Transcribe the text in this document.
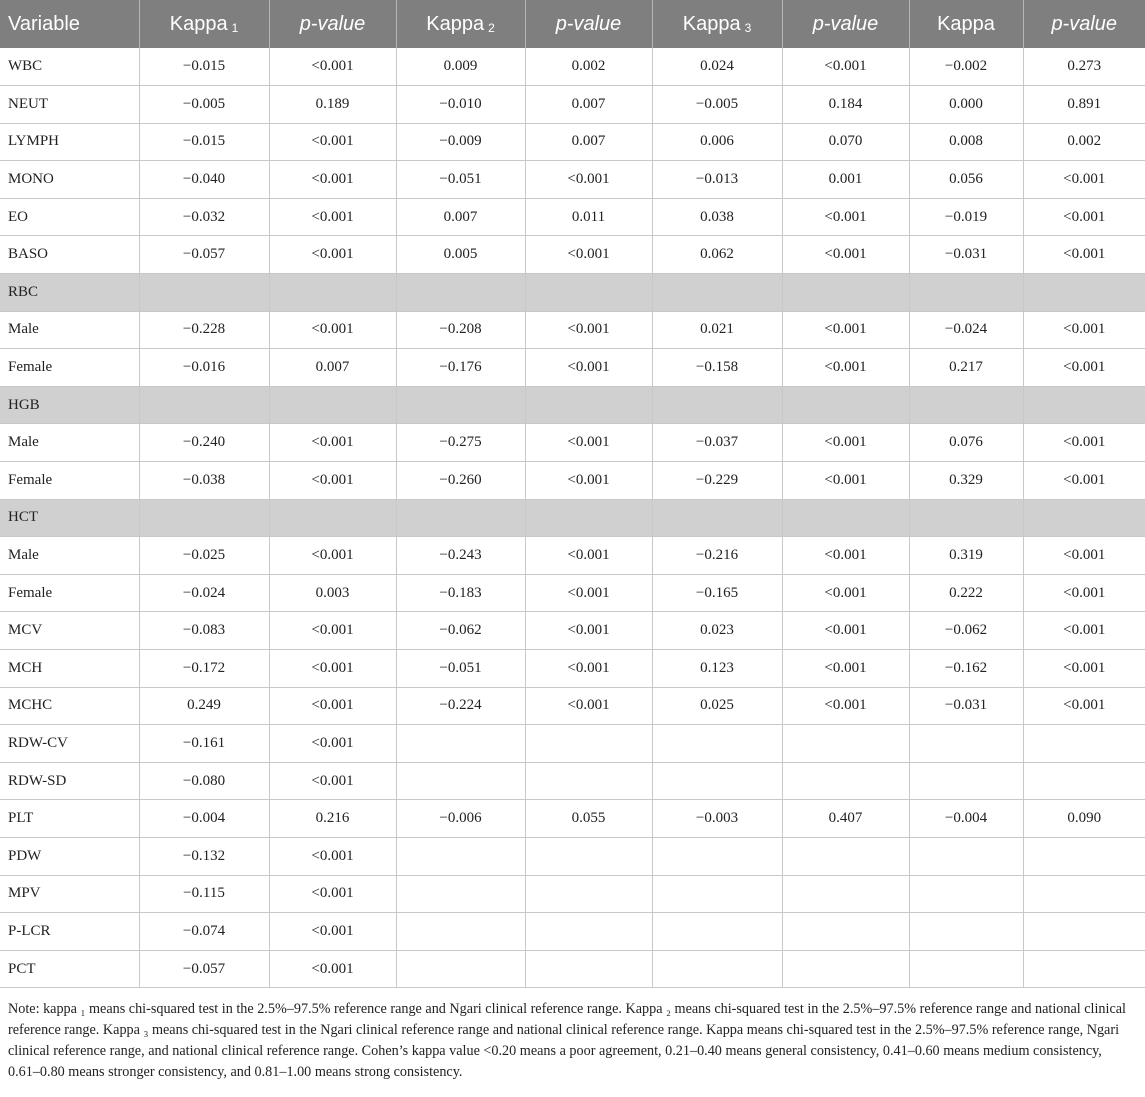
Variable	Kappa $_1$	p-value	Kappa $_2$	p-value	Kappa $_3$	p-value	Kappa	p-value
WBC	−0.015	<0.001	0.009	0.002	0.024	<0.001	−0.002	0.273
NEUT	−0.005	0.189	−0.010	0.007	−0.005	0.184	0.000	0.891
LYMPH	−0.015	<0.001	−0.009	0.007	0.006	0.070	0.008	0.002
MONO	−0.040	<0.001	−0.051	<0.001	−0.013	0.001	0.056	<0.001
EO	−0.032	<0.001	0.007	0.011	0.038	<0.001	−0.019	<0.001
BASO	−0.057	<0.001	0.005	<0.001	0.062	<0.001	−0.031	<0.001
RBC								
Male	−0.228	<0.001	−0.208	<0.001	0.021	<0.001	−0.024	<0.001
Female	−0.016	0.007	−0.176	<0.001	−0.158	<0.001	0.217	<0.001
HGB								
Male	−0.240	<0.001	−0.275	<0.001	−0.037	<0.001	0.076	<0.001
Female	−0.038	<0.001	−0.260	<0.001	−0.229	<0.001	0.329	<0.001
HCT								
Male	−0.025	<0.001	−0.243	<0.001	−0.216	<0.001	0.319	<0.001
Female	−0.024	0.003	−0.183	<0.001	−0.165	<0.001	0.222	<0.001
MCV	−0.083	<0.001	−0.062	<0.001	0.023	<0.001	−0.062	<0.001
MCH	−0.172	<0.001	−0.051	<0.001	0.123	<0.001	−0.162	<0.001
MCHC	0.249	<0.001	−0.224	<0.001	0.025	<0.001	−0.031	<0.001
RDW-CV	−0.161	<0.001						
RDW-SD	−0.080	<0.001						
PLT	−0.004	0.216	−0.006	0.055	−0.003	0.407	−0.004	0.090
PDW	−0.132	<0.001						
MPV	−0.115	<0.001						
P-LCR	−0.074	<0.001						
PCT	−0.057	<0.001						
Note: kappa ₁ means chi-squared test in the 2.5%–97.5% reference range and Ngari clinical reference range. Kappa ₂ means chi-squared test in the 2.5%–97.5% reference range and national clinical reference range. Kappa ₃ means chi-squared test in the Ngari clinical reference range and national clinical reference range. Kappa means chi-squared test in the 2.5%–97.5% reference range, Ngari clinical reference range, and national clinical reference range. Cohen’s kappa value <0.20 means a poor agreement, 0.21–0.40 means general consistency, 0.41–0.60 means medium consistency, 0.61–0.80 means stronger consistency, and 0.81–1.00 means strong consistency.
